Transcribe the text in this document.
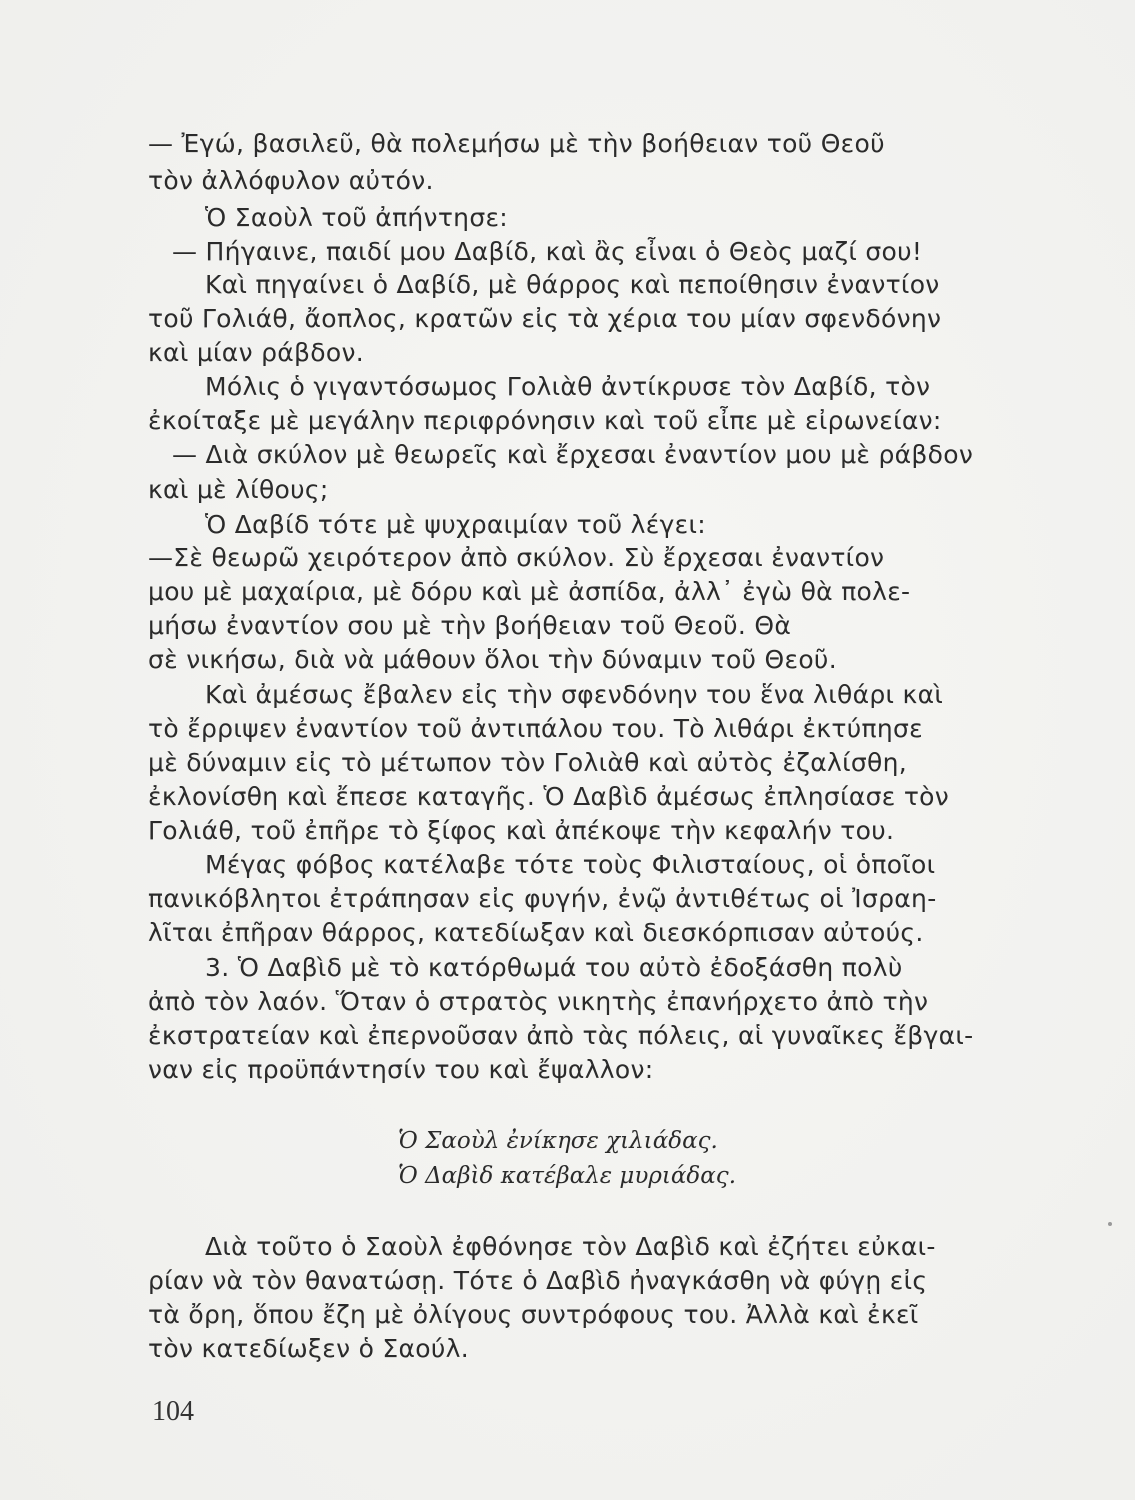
— Ἐγώ, βασιλεῦ, θὰ πολεμήσω μὲ τὴν βοήθειαν τοῦ Θεοῦ
τὸν ἀλλόφυλον αὐτόν.
Ὁ Σαοὺλ τοῦ ἀπήντησε:
— Πήγαινε, παιδί μου Δαβίδ, καὶ ἂς εἶναι ὁ Θεὸς μαζί σου!
Καὶ πηγαίνει ὁ Δαβίδ, μὲ θάρρος καὶ πεποίθησιν ἐναντίον
τοῦ Γολιάθ, ἄοπλος, κρατῶν εἰς τὰ χέρια του μίαν σφενδόνην
καὶ μίαν ράβδον.
Μόλις ὁ γιγαντόσωμος Γολιὰθ ἀντίκρυσε τὸν Δαβίδ, τὸν
ἐκοίταξε μὲ μεγάλην περιφρόνησιν καὶ τοῦ εἶπε μὲ εἰρωνείαν:
— Διὰ σκύλον μὲ θεωρεῖς καὶ ἔρχεσαι ἐναντίον μου μὲ ράβδον
καὶ μὲ λίθους;
Ὁ Δαβίδ τότε μὲ ψυχραιμίαν τοῦ λέγει:
—Σὲ θεωρῶ χειρότερον ἀπὸ σκύλον. Σὺ ἔρχεσαι ἐναντίον
μου μὲ μαχαίρια, μὲ δόρυ καὶ μὲ ἀσπίδα, ἀλλ᾿ ἐγὼ θὰ πολε-
μήσω ἐναντίον σου μὲ τὴν βοήθειαν τοῦ Θεοῦ. Θὰ
σὲ νικήσω, διὰ νὰ μάθουν ὅλοι τὴν δύναμιν τοῦ Θεοῦ.
Καὶ ἀμέσως ἔβαλεν εἰς τὴν σφενδόνην του ἕνα λιθάρι καὶ
τὸ ἔρριψεν ἐναντίον τοῦ ἀντιπάλου του. Τὸ λιθάρι ἐκτύπησε
μὲ δύναμιν εἰς τὸ μέτωπον τὸν Γολιὰθ καὶ αὐτὸς ἐζαλίσθη,
ἐκλονίσθη καὶ ἔπεσε καταγῆς. Ὁ Δαβὶδ ἀμέσως ἐπλησίασε τὸν
Γολιάθ, τοῦ ἐπῆρε τὸ ξίφος καὶ ἀπέκοψε τὴν κεφαλήν του.
Μέγας φόβος κατέλαβε τότε τοὺς Φιλισταίους, οἱ ὁποῖοι
πανικόβλητοι ἐτράπησαν εἰς φυγήν, ἐνῷ ἀντιθέτως οἱ Ἰσραη-
λῖται ἐπῆραν θάρρος, κατεδίωξαν καὶ διεσκόρπισαν αὐτούς.
3. Ὁ Δαβὶδ μὲ τὸ κατόρθωμά του αὐτὸ ἐδοξάσθη πολὺ
ἀπὸ τὸν λαόν. Ὅταν ὁ στρατὸς νικητὴς ἐπανήρχετο ἀπὸ τὴν
ἐκστρατείαν καὶ ἐπερνοῦσαν ἀπὸ τὰς πόλεις, αἱ γυναῖκες ἔβγαι-
ναν εἰς προϋπάντησίν του καὶ ἔψαλλον:
Ὁ Σαοὺλ ἐνίκησε χιλιάδας.
Ὁ Δαβὶδ κατέβαλε μυριάδας.
Διὰ τοῦτο ὁ Σαοὺλ ἐφθόνησε τὸν Δαβὶδ καὶ ἐζήτει εὐκαι-
ρίαν νὰ τὸν θανατώσῃ. Τότε ὁ Δαβὶδ ἠναγκάσθη νὰ φύγῃ εἰς
τὰ ὄρη, ὅπου ἔζη μὲ ὀλίγους συντρόφους του. Ἀλλὰ καὶ ἐκεῖ
τὸν κατεδίωξεν ὁ Σαούλ.
104
